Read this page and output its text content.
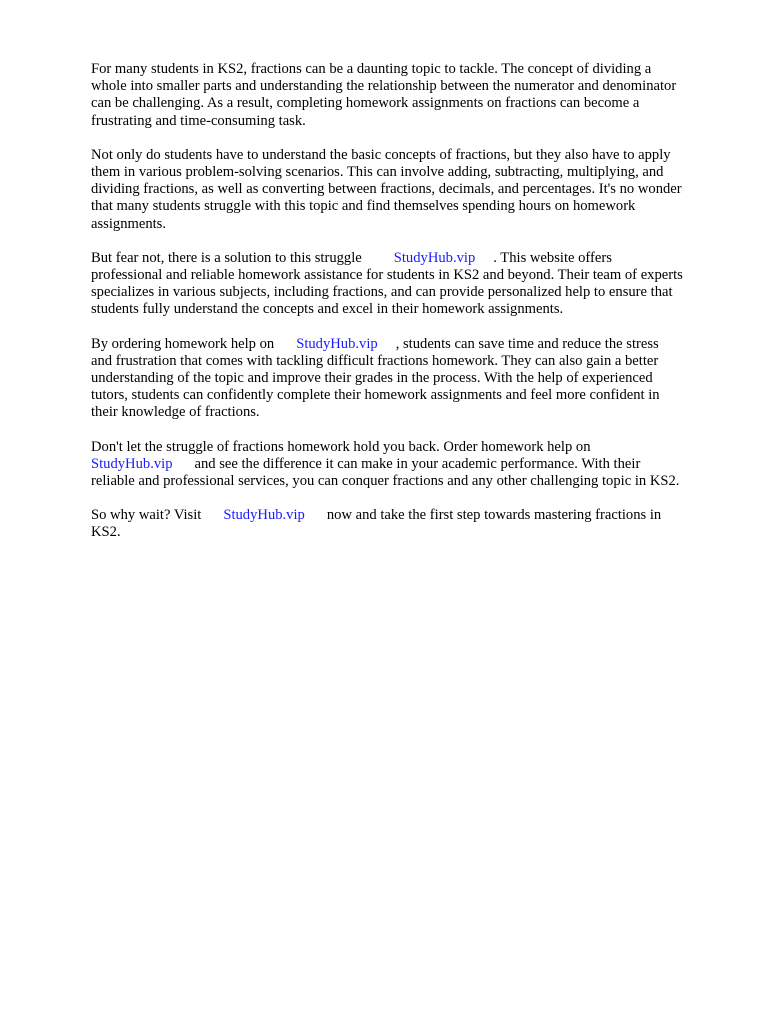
For many students in KS2, fractions can be a daunting topic to tackle. The concept of dividing a
whole into smaller parts and understanding the relationship between the numerator and denominator
can be challenging. As a result, completing homework assignments on fractions can become a
frustrating and time-consuming task.

Not only do students have to understand the basic concepts of fractions, but they also have to apply
them in various problem-solving scenarios. This can involve adding, subtracting, multiplying, and
dividing fractions, as well as converting between fractions, decimals, and percentages. It's no wonder
that many students struggle with this topic and find themselves spending hours on homework
assignments.

But fear not, there is a solution to this struggle StudyHub.vip . This website offers
professional and reliable homework assistance for students in KS2 and beyond. Their team of experts
specializes in various subjects, including fractions, and can provide personalized help to ensure that
students fully understand the concepts and excel in their homework assignments.

By ordering homework help on StudyHub.vip , students can save time and reduce the stress
and frustration that comes with tackling difficult fractions homework. They can also gain a better
understanding of the topic and improve their grades in the process. With the help of experienced
tutors, students can confidently complete their homework assignments and feel more confident in
their knowledge of fractions.

Don't let the struggle of fractions homework hold you back. Order homework help on
StudyHub.vip and see the difference it can make in your academic performance. With their
reliable and professional services, you can conquer fractions and any other challenging topic in KS2.

So why wait? Visit StudyHub.vip now and take the first step towards mastering fractions in
KS2.
